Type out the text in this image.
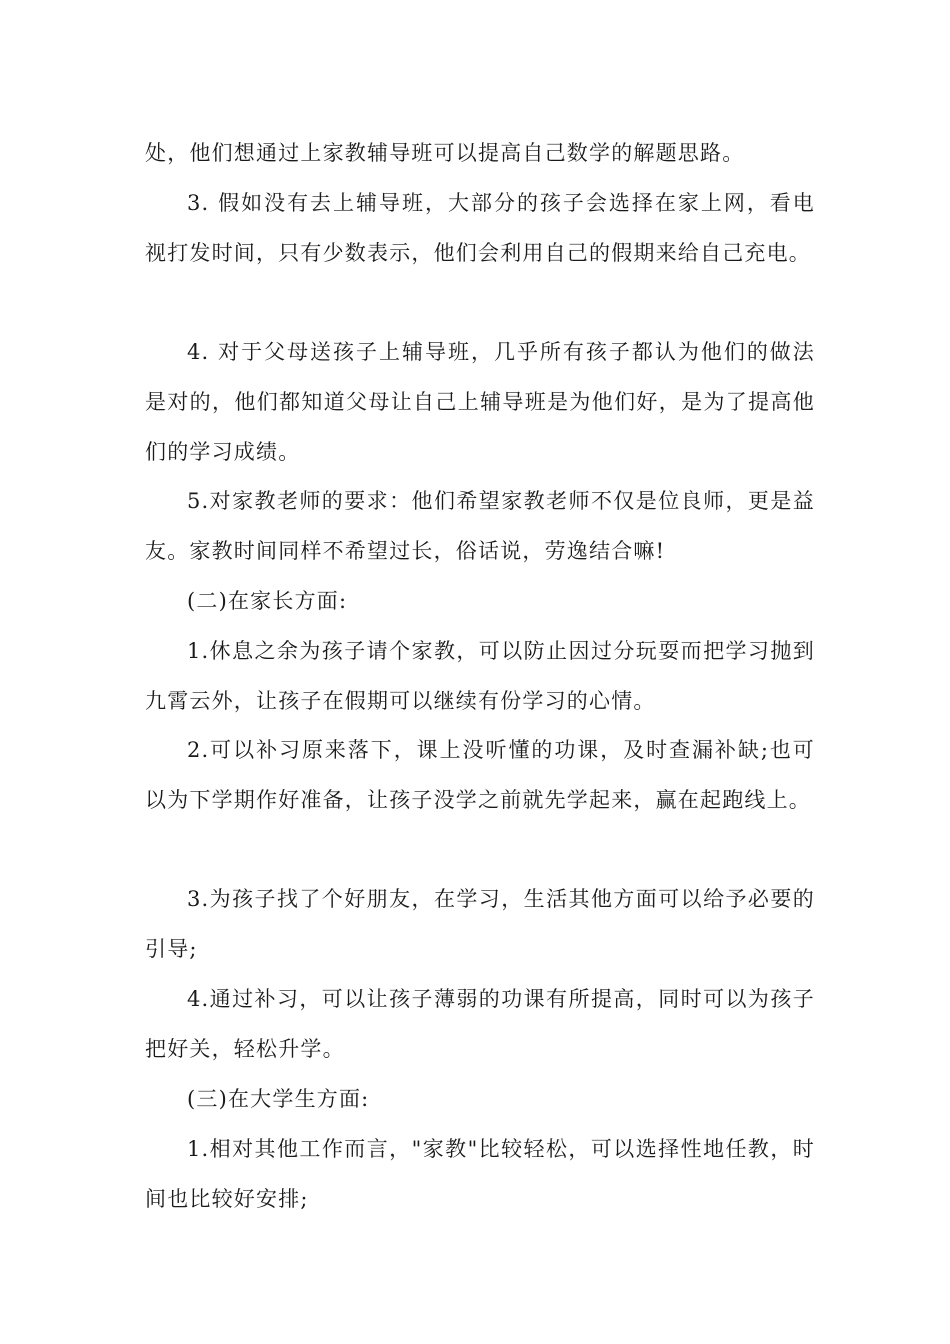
处，他们想通过上家教辅导班可以提高自己数学的解题思路。

3. 假如没有去上辅导班，大部分的孩子会选择在家上网，看电视打发时间，只有少数表示，他们会利用自己的假期来给自己充电。

4. 对于父母送孩子上辅导班，几乎所有孩子都认为他们的做法是对的，他们都知道父母让自己上辅导班是为他们好，是为了提高他们的学习成绩。

5.对家教老师的要求：他们希望家教老师不仅是位良师，更是益友。家教时间同样不希望过长，俗话说，劳逸结合嘛!

(二)在家长方面:

1.休息之余为孩子请个家教，可以防止因过分玩耍而把学习抛到九霄云外，让孩子在假期可以继续有份学习的心情。

2.可以补习原来落下，课上没听懂的功课，及时查漏补缺;也可以为下学期作好准备，让孩子没学之前就先学起来，赢在起跑线上。

3.为孩子找了个好朋友，在学习，生活其他方面可以给予必要的引导;

4.通过补习，可以让孩子薄弱的功课有所提高，同时可以为孩子把好关，轻松升学。

(三)在大学生方面:

1.相对其他工作而言，"家教"比较轻松，可以选择性地任教，时间也比较好安排;
